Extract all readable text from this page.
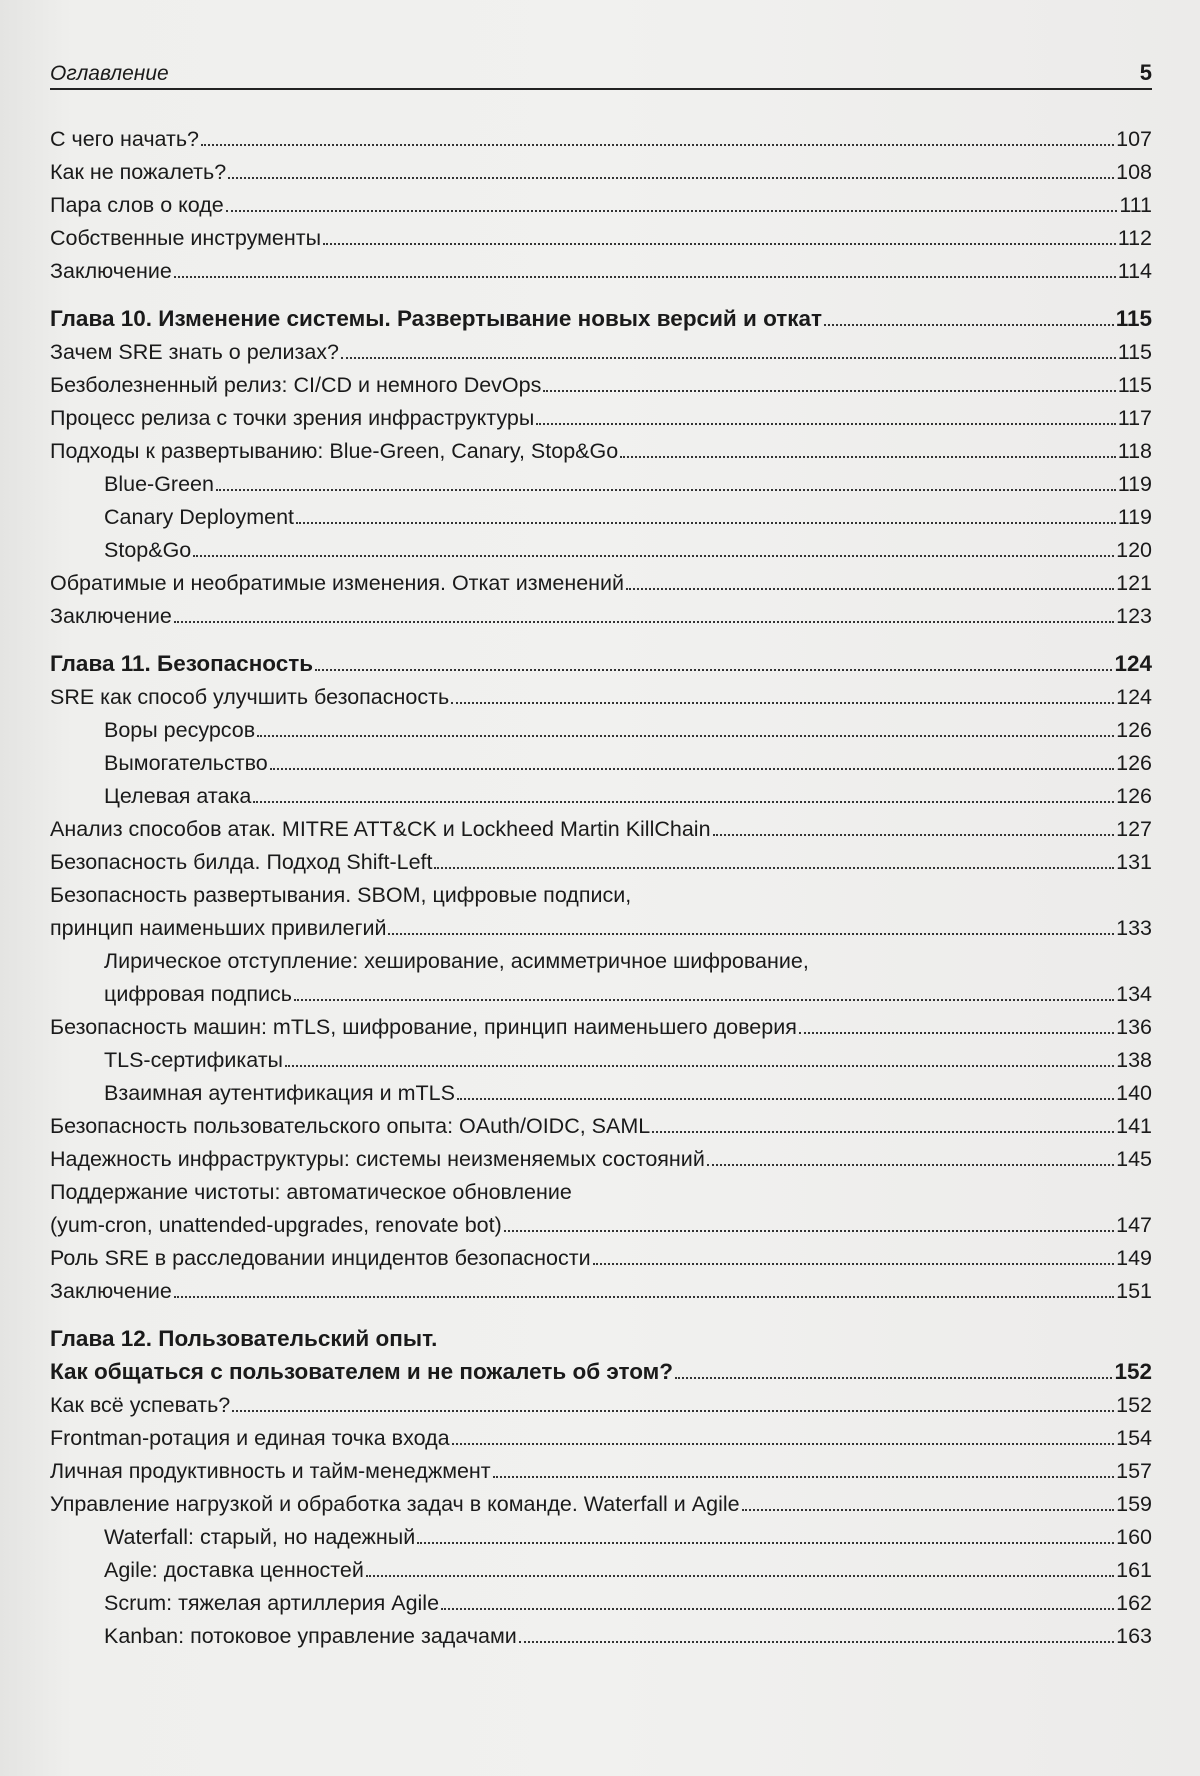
Оглавление	5
С чего начать?	107
Как не пожалеть?	108
Пара слов о коде	111
Собственные инструменты	112
Заключение	114
Глава 10. Изменение системы. Развертывание новых версий и откат	115
Зачем SRE знать о релизах?	115
Безболезненный релиз: CI/CD и немного DevOps	115
Процесс релиза с точки зрения инфраструктуры	117
Подходы к развертыванию: Blue-Green, Canary, Stop&Go	118
Blue-Green	119
Canary Deployment	119
Stop&Go	120
Обратимые и необратимые изменения. Откат изменений	121
Заключение	123
Глава 11. Безопасность	124
SRE как способ улучшить безопасность	124
Воры ресурсов	126
Вымогательство	126
Целевая атака	126
Анализ способов атак. MITRE ATT&CK и Lockheed Martin KillChain	127
Безопасность билда. Подход Shift-Left	131
Безопасность развертывания. SBOM, цифровые подписи,
принцип наименьших привилегий	133
Лирическое отступление: хеширование, асимметричное шифрование,
цифровая подпись	134
Безопасность машин: mTLS, шифрование, принцип наименьшего доверия	136
TLS-сертификаты	138
Взаимная аутентификация и mTLS	140
Безопасность пользовательского опыта: OAuth/OIDC, SAML	141
Надежность инфраструктуры: системы неизменяемых состояний	145
Поддержание чистоты: автоматическое обновление
(yum-cron, unattended-upgrades, renovate bot)	147
Роль SRE в расследовании инцидентов безопасности	149
Заключение	151
Глава 12. Пользовательский опыт.
Как общаться с пользователем и не пожалеть об этом?	152
Как всё успевать?	152
Frontman-ротация и единая точка входа	154
Личная продуктивность и тайм-менеджмент	157
Управление нагрузкой и обработка задач в команде. Waterfall и Agile	159
Waterfall: старый, но надежный	160
Agile: доставка ценностей	161
Scrum: тяжелая артиллерия Agile	162
Kanban: потоковое управление задачами	163
